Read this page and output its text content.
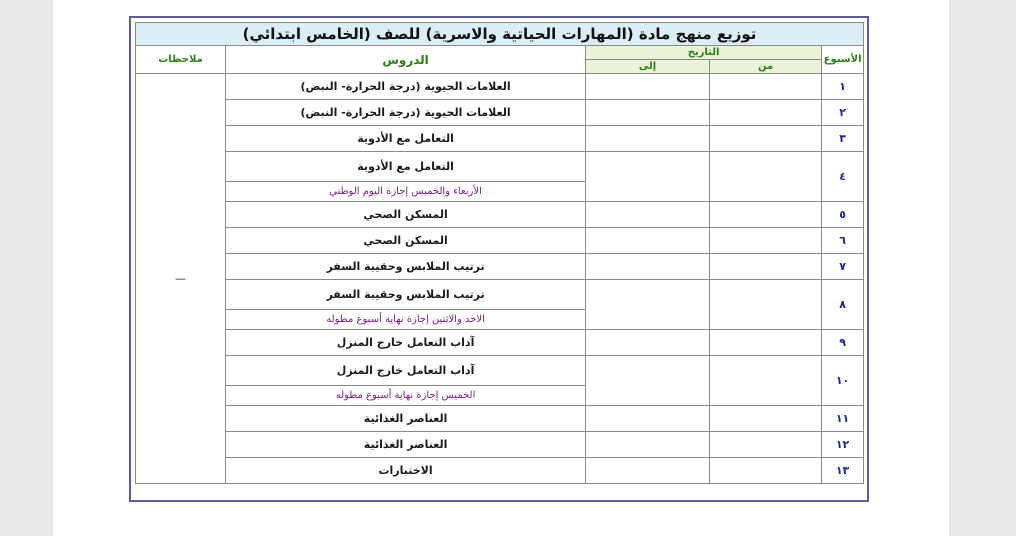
توزيع منهج مادة (المهارات الحياتية والاسرية) للصف (الخامس ابتدائي)				
الأسبوع	التاريخ		الدروس	ملاحظات
	من	إلى		
١			العلامات الحيوية (درجة الحرارة- النبض)	—
٢			العلامات الحيوية (درجة الحرارة- النبض)	
٣			التعامل مع الأدوية	
٤			التعامل مع الأدوية	
			الأربعاء والخميس إجازة اليوم الوطني	
٥			المسكن الصحي	
٦			المسكن الصحي	
٧			ترتيب الملابس وحقيبة السفر	
٨			ترتيب الملابس وحقيبة السفر	
			الاحد والاثنين إجازة نهاية أسبوع مطوله	
٩			آداب التعامل خارج المنزل	
١٠			آداب التعامل خارج المنزل	
			الخميس إجازة نهاية أسبوع مطوله	
١١			العناصر الغذائية	
١٢			العناصر الغذائية	
١٣			الاختبارات	
